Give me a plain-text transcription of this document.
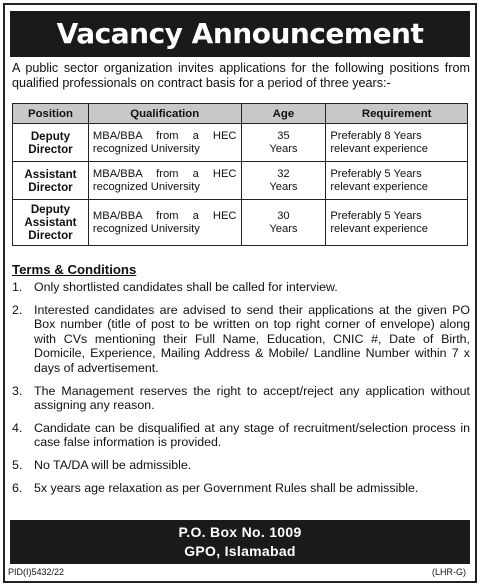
Vacancy Announcement

A public sector organization invites applications for the following positions from qualified professionals on contract basis for a period of three years:-

Position	Qualification	Age	Requirement
Deputy Director	MBA/BBA from a HEC recognized University	35 Years	Preferably 8 Years relevant experience
Assistant Director	MBA/BBA from a HEC recognized University	32 Years	Preferably 5 Years relevant experience
Deputy Assistant Director	MBA/BBA from a HEC recognized University	30 Years	Preferably 5 Years relevant experience
Terms & Conditions
1. Only shortlisted candidates shall be called for interview.
2. Interested candidates are advised to send their applications at the given PO Box number (title of post to be written on top right corner of envelope) along with CVs mentioning their Full Name, Education, CNIC #, Date of Birth, Domicile, Experience, Mailing Address & Mobile/ Landline Number within 7 x days of advertisement.
3. The Management reserves the right to accept/reject any application without assigning any reason.
4. Candidate can be disqualified at any stage of recruitment/selection process in case false information is provided.
5. No TA/DA will be admissible.
6. 5x years age relaxation as per Government Rules shall be admissible.
P.O. Box No. 1009
GPO, Islamabad
PID(I)5432/22	(LHR-G)
